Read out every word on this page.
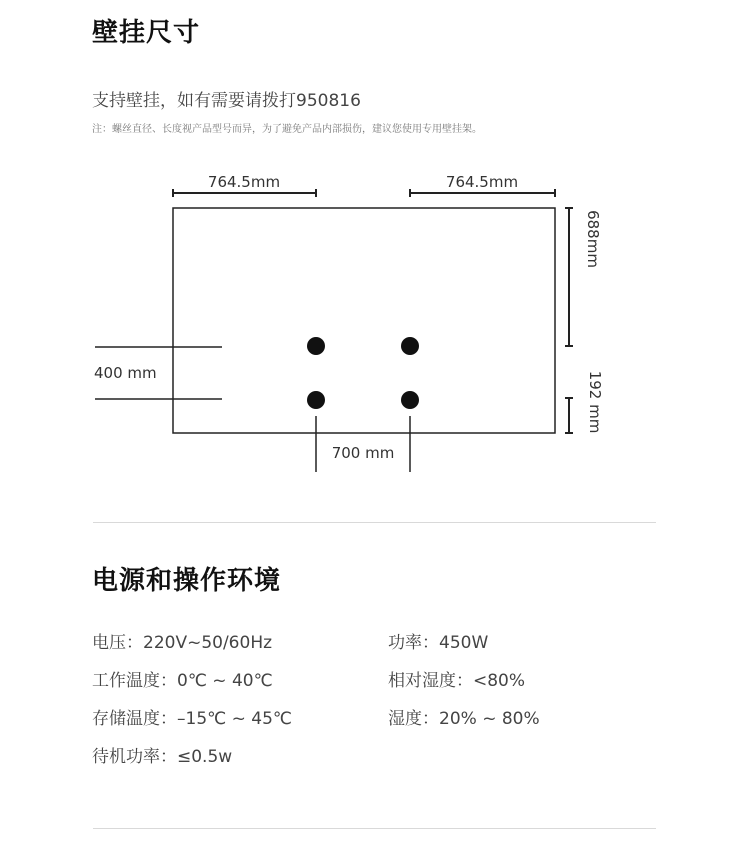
壁挂尺寸
支持壁挂，如有需要请拨打950816
注：螺丝直径、长度视产品型号而异，为了避免产品内部损伤，建议您使用专用壁挂架。
764.5mm	764.5mm
400 mm
700 mm
688mm
192 mm
电源和操作环境
电压：220V~50/60Hz	功率：450W
工作温度：0℃ ~ 40℃	相对湿度：<80%
存储温度：–15℃ ~ 45℃	湿度：20% ~ 80%
待机功率：≤0.5w
